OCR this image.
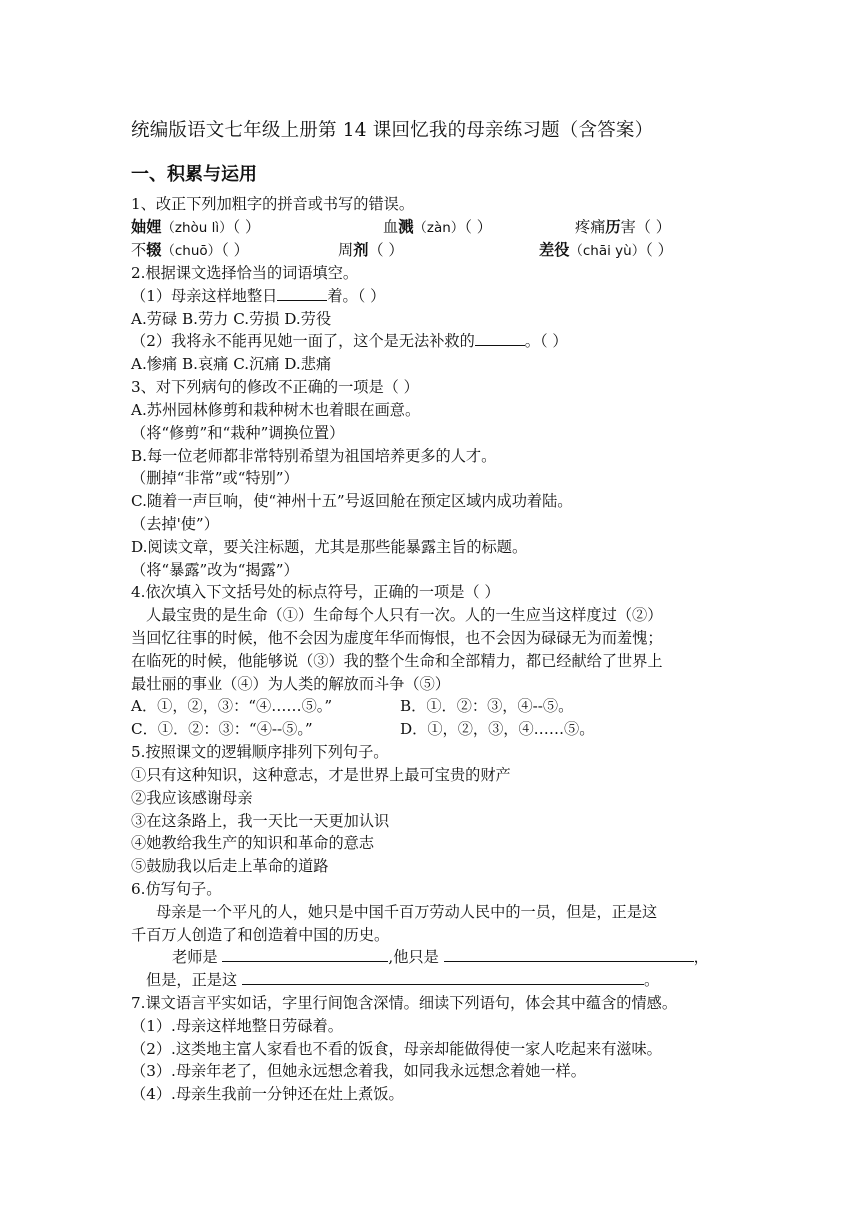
统编版语文七年级上册第 14 课回忆我的母亲练习题（含答案）
一、积累与运用
1、改正下列加粗字的拼音或书写的错误。
妯娌（zhòu lì）（ ）	血溅（zàn）（ ）	疼痛历害（ ）
不辍（chuō）（ ）	周剂（ ）	差役（chāi yù）（ ）
2.根据课文选择恰当的词语填空。
（1）母亲这样地整日	着。（ ）
A.劳碌 B.劳力 C.劳损 D.劳役
（2）我将永不能再见她一面了，这个是无法补救的	。（ ）
A.惨痛 B.哀痛 C.沉痛 D.悲痛
3、对下列病句的修改不正确的一项是（ ）
A.苏州园林修剪和栽种树木也着眼在画意。
（将“修剪”和“栽种”调换位置）
B.每一位老师都非常特别希望为祖国培养更多的人才。
（删掉“非常”或“特别”）
C.随着一声巨响，使“神州十五”号返回舱在预定区域内成功着陆。
（去掉'使”）
D.阅读文章，要关注标题，尤其是那些能暴露主旨的标题。
（将“暴露”改为“揭露”）
4.依次填入下文括号处的标点符号，正确的一项是（ ）
人最宝贵的是生命（①）生命每个人只有一次。人的一生应当这样度过（②）
当回忆往事的时候，他不会因为虚度年华而悔恨，也不会因为碌碌无为而羞愧；
在临死的时候，他能够说（③）我的整个生命和全部精力，都已经献给了世界上
最壮丽的事业（④）为人类的解放而斗争（⑤）
A．①，②，③：“④……⑤。”	B．①．②：③，④--⑤。
C．①．②：③：“④--⑤。”	D．①，②，③，④……⑤。
5.按照课文的逻辑顺序排列下列句子。
①只有这种知识，这种意志，才是世界上最可宝贵的财产
②我应该感谢母亲
③在这条路上，我一天比一天更加认识
④她教给我生产的知识和革命的意志
⑤鼓励我以后走上革命的道路
6.仿写句子。
母亲是一个平凡的人，她只是中国千百万劳动人民中的一员，但是，正是这
千百万人创造了和创造着中国的历史。
老师是	,他只是	，
但是，正是这	。
7.课文语言平实如话，字里行间饱含深情。细读下列语句，体会其中蕴含的情感。
（1）.母亲这样地整日劳碌着。
（2）.这类地主富人家看也不看的饭食，母亲却能做得使一家人吃起来有滋味。
（3）.母亲年老了，但她永远想念着我，如同我永远想念着她一样。
（4）.母亲生我前一分钟还在灶上煮饭。
